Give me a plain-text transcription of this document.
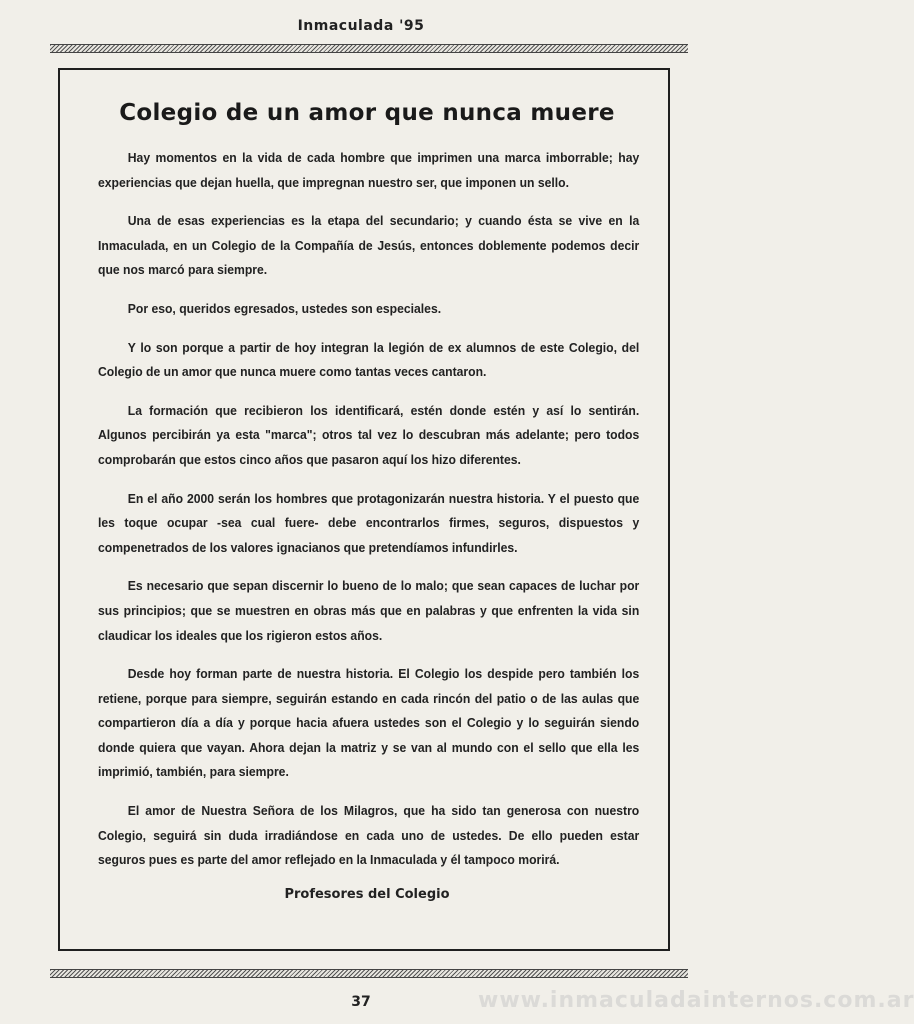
Inmaculada '95
Colegio de un amor que nunca muere

Hay momentos en la vida de cada hombre que imprimen una marca imborrable; hay experiencias que dejan huella, que impregnan nuestro ser, que imponen un sello.

Una de esas experiencias es la etapa del secundario; y cuando ésta se vive en la Inmaculada, en un Colegio de la Compañía de Jesús, entonces doblemente podemos decir que nos marcó para siempre.

Por eso, queridos egresados, ustedes son especiales.

Y lo son porque a partir de hoy integran la legión de ex alumnos de este Colegio, del Colegio de un amor que nunca muere como tantas veces cantaron.

La formación que recibieron los identificará, estén donde estén y así lo sentirán. Algunos percibirán ya esta "marca"; otros tal vez lo descubran más adelante; pero todos comprobarán que estos cinco años que pasaron aquí los hizo diferentes.

En el año 2000 serán los hombres que protagonizarán nuestra historia. Y el puesto que les toque ocupar -sea cual fuere- debe encontrarlos firmes, seguros, dispuestos y compenetrados de los valores ignacianos que pretendíamos infundirles.

Es necesario que sepan discernir lo bueno de lo malo; que sean capaces de luchar por sus principios; que se muestren en obras más que en palabras y que enfrenten la vida sin claudicar los ideales que los rigieron estos años.

Desde hoy forman parte de nuestra historia. El Colegio los despide pero también los retiene, porque para siempre, seguirán estando en cada rincón del patio o de las aulas que compartieron día a día y porque hacia afuera ustedes son el Colegio y lo seguirán siendo donde quiera que vayan. Ahora dejan la matriz y se van al mundo con el sello que ella les imprimió, también, para siempre.

El amor de Nuestra Señora de los Milagros, que ha sido tan generosa con nuestro Colegio, seguirá sin duda irradiándose en cada uno de ustedes. De ello pueden estar seguros pues es parte del amor reflejado en la Inmaculada y él tampoco morirá.

Profesores del Colegio
37	www.inmaculadainternos.com.ar
